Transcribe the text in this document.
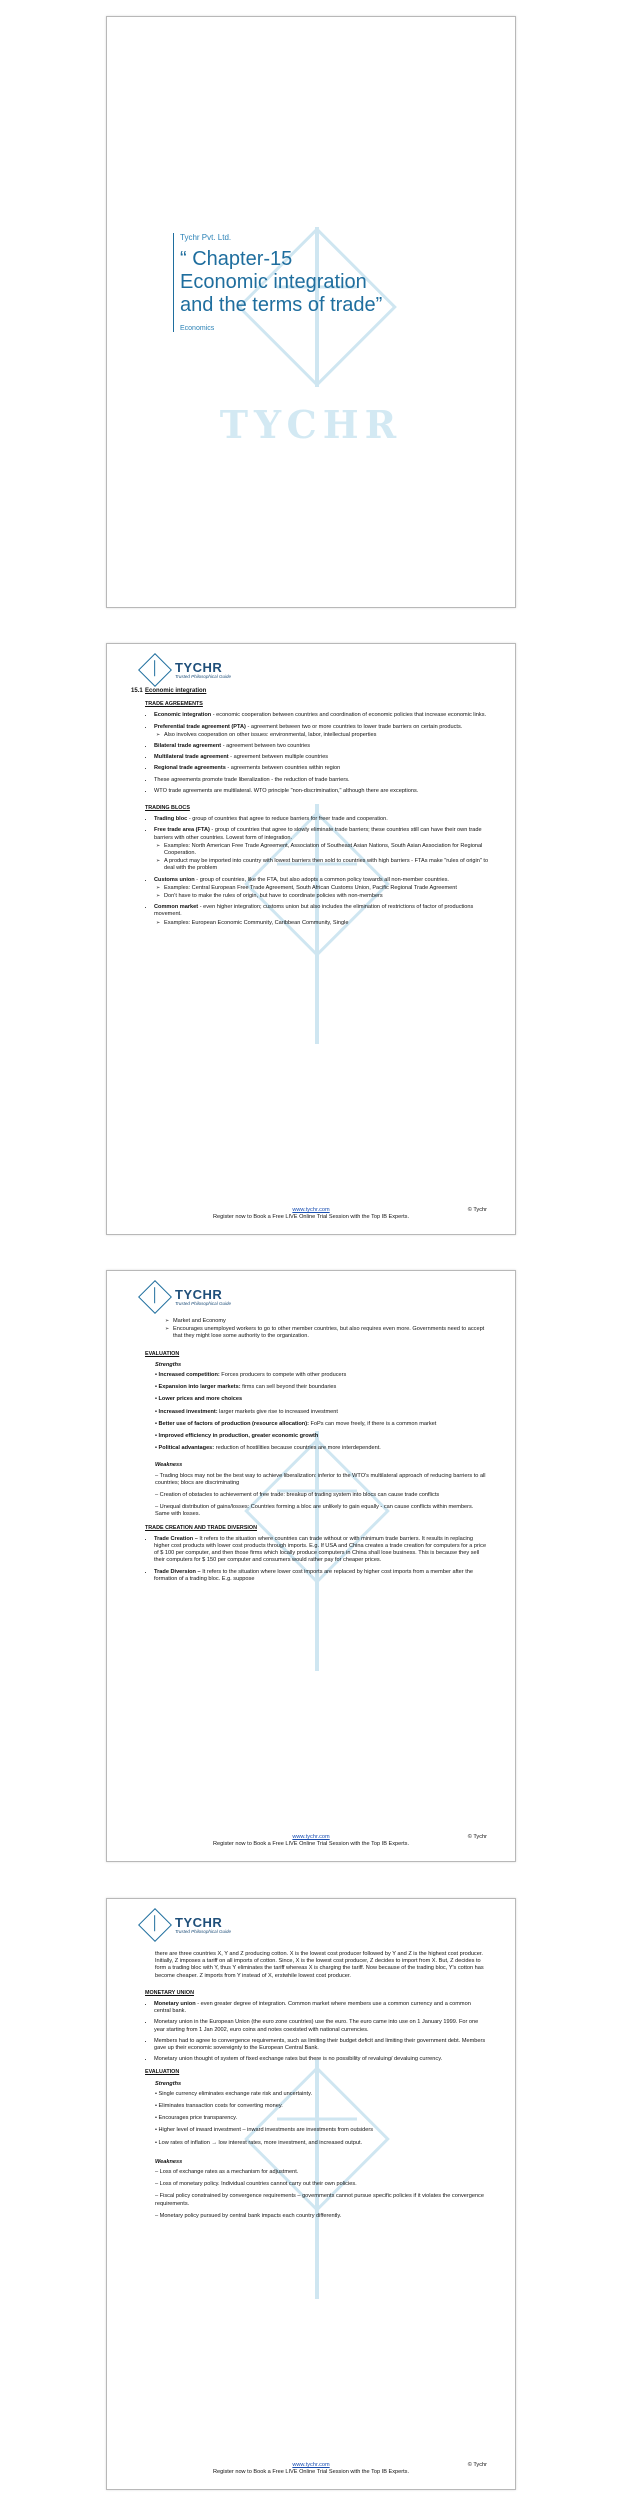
TYCHR
Tychr Pvt. Ltd.
“ Chapter-15
Economic integration
and the terms of trade”
Economics
TYCHR
Trusted Philosophical Guide
15.1 Economic integration
TRADE AGREEMENTS
• Economic integration - economic cooperation between countries and coordination of economic policies that increase economic links.
• Preferential trade agreement (PTA) - agreement between two or more countries to lower trade barriers on certain products.
➢ Also involves cooperation on other issues: environmental, labor, intellectual properties
• Bilateral trade agreement - agreement between two countries
• Multilateral trade agreement - agreement between multiple countries
• Regional trade agreements - agreements between countries within region
• These agreements promote trade liberalization - the reduction of trade barriers.
• WTO trade agreements are multilateral. WTO principle "non-discrimination," although there are exceptions.
TRADING BLOCS
• Trading bloc - group of countries that agree to reduce barriers for freer trade and cooperation.
• Free trade area (FTA) - group of countries that agree to slowly eliminate trade barriers; these countries still can have their own trade barriers with other countries. Lowest form of integration.
➢ Examples: North American Free Trade Agreement, Association of Southeast Asian Nations, South Asian Association for Regional Cooperation.
➢ A product may be imported into country with lowest barriers then sold to countries with high barriers - FTAs make "rules of origin" to deal with the problem
• Customs union - group of countries, like the FTA, but also adopts a common policy towards all non-member countries.
➢ Examples: Central European Free Trade Agreement, South African Customs Union, Pacific Regional Trade Agreement
➢ Don't have to make the rules of origin, but have to coordinate policies with non-members
• Common market - even higher integration; customs union but also includes the elimination of restrictions of factor of productions movement.
➢ Examples: European Economic Community, Caribbean Community, Single
www.tychr.com	© Tychr
Register now to Book a Free LIVE Online Trial Session with the Top IB Experts.
TYCHR
Trusted Philosophical Guide
➢ Market and Economy
➢ Encourages unemployed workers to go to other member countries, but also requires even more. Governments need to accept that they might lose some authority to the organization.
EVALUATION
Strengths

• Increased competition: Forces producers to compete with other producers

• Expansion into larger markets: firms can sell beyond their boundaries

• Lower prices and more choices

• Increased investment: larger markets give rise to increased investment

• Better use of factors of production (resource allocation): FoPs can move freely, if there is a common market

• Improved efficiency in production, greater economic growth

• Political advantages: reduction of hostilities because countries are more interdependent.

Weakness

– Trading blocs may not be the best way to achieve liberalization: inferior to the WTO's multilateral approach of reducing barriers to all countries; blocs are discriminating

– Creation of obstacles to achievement of free trade: breakup of trading system into blocs can cause trade conflicts

– Unequal distribution of gains/losses: Countries forming a bloc are unlikely to gain equally - can cause conflicts within members. Same with losses.

TRADE CREATION AND TRADE DIVERSION
• Trade Creation – It refers to the situation where countries can trade without or with minimum trade barriers. It results in replacing higher cost products with lower cost products through imports. E.g. If USA and China creates a trade creation for computers for a price of $ 100 per computer, and then those firms which locally produce computers in China shall lose business. This is because they sell their computers for $ 150 per computer and consumers would rather pay for cheaper prices.
• Trade Diversion – It refers to the situation where lower cost imports are replaced by higher cost imports from a member after the formation of a trading bloc. E.g. suppose
www.tychr.com	© Tychr
Register now to Book a Free LIVE Online Trial Session with the Top IB Experts.
TYCHR
Trusted Philosophical Guide

there are three countries X, Y and Z producing cotton. X is the lowest cost producer followed by Y and Z is the highest cost producer. Initially, Z imposes a tariff on all imports of cotton. Since, X is the lowest cost producer, Z decides to import from X. But, Z decides to form a trading bloc with Y, thus Y eliminates the tariff whereas X is charging the tariff. Now because of the trading bloc, Y's cotton has become cheaper. Z imports from Y instead of X, erstwhile lowest cost producer.

MONETARY UNION
• Monetary union - even greater degree of integration. Common market where members use a common currency and a common central bank.
• Monetary union in the European Union (the euro zone countries) use the euro. The euro came into use on 1 January 1999. For one year starting from 1 Jan 2002, euro coins and notes coexisted with national currencies.
• Members had to agree to convergence requirements, such as limiting their budget deficit and limiting their government debt. Members gave up their economic sovereignty to the European Central Bank.
• Monetary union thought of system of fixed exchange rates but there is no possibility of revaluing/ devaluing currency.
EVALUATION
Strengths

• Single currency eliminates exchange rate risk and uncertainty.

• Eliminates transaction costs for converting money.

• Encourages price transparency.

• Higher level of inward investment – inward investments are investments from outsiders

• Low rates of inflation → low interest rates, more investment, and increased output.

Weakness

– Loss of exchange rates as a mechanism for adjustment.

– Loss of monetary policy. Individual countries cannot carry out their own policies.

– Fiscal policy constrained by convergence requirements – governments cannot pursue specific policies if it violates the convergence requirements.

– Monetary policy pursued by central bank impacts each country differently.

www.tychr.com	© Tychr
Register now to Book a Free LIVE Online Trial Session with the Top IB Experts.
